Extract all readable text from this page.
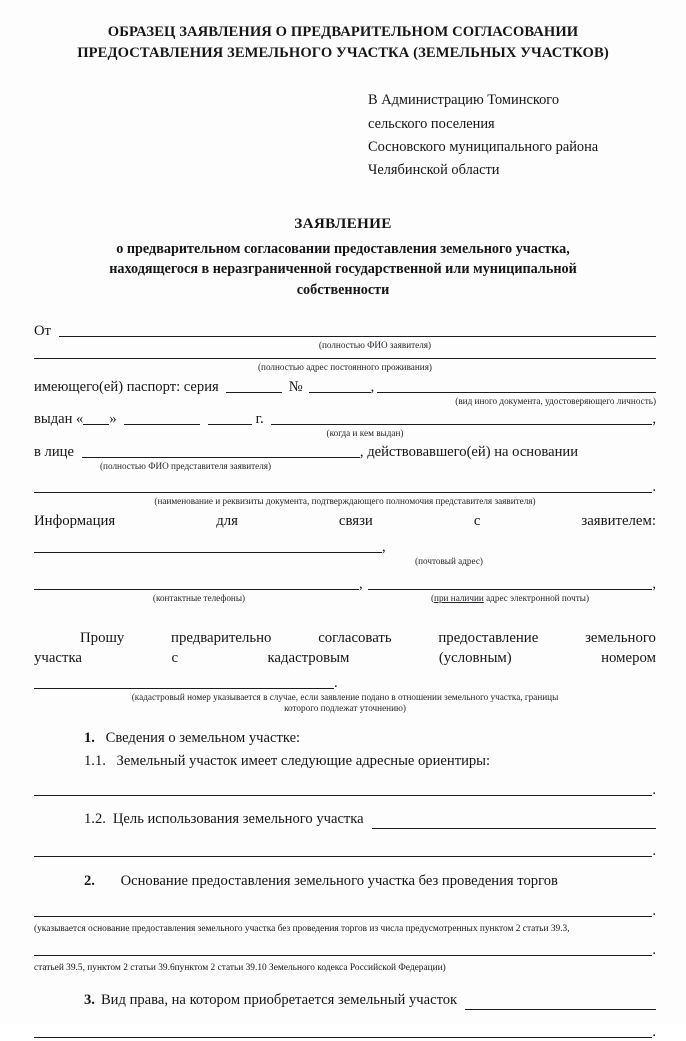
ОБРАЗЕЦ ЗАЯВЛЕНИЯ О ПРЕДВАРИТЕЛЬНОМ СОГЛАСОВАНИИ
ПРЕДОСТАВЛЕНИЯ ЗЕМЕЛЬНОГО УЧАСТКА (ЗЕМЕЛЬНЫХ УЧАСТКОВ)
В Администрацию Томинского
сельского поселения
Сосновского муниципального района
Челябинской области
ЗАЯВЛЕНИЕ
о предварительном согласовании предоставления земельного участка,
находящегося в неразграниченной государственной или муниципальной
собственности
От
(полностью ФИО заявителя)
(полностью адрес постоянного проживания)
имеющего(ей) паспорт: серия	№	,
(вид иного документа, удостоверяющего личность)
выдан « »	г.	,
(когда и кем выдан)
в лице	, действовавшего(ей) на основании
(полностью ФИО представителя заявителя)
.
(наименование и реквизиты документа, подтверждающего полномочия представителя заявителя)
Информация	для	связи	с	заявителем:
,
(почтовый адрес)
,	,
(контактные телефоны)	(при наличии адрес электронной почты)
Прошу	предварительно	согласовать	предоставление	земельного
участка	с	кадастровым	(условным)	номером
.
(кадастровый номер указывается в случае, если заявление подано в отношении земельного участка, границы
которого подлежат уточнению)
1. Сведения о земельном участке:
1.1. Земельный участок имеет следующие адресные ориентиры:
.
1.2. Цель использования земельного участка
.
2. Основание предоставления земельного участка без проведения торгов
.
(указывается основание предоставления земельного участка без проведения торгов из числа предусмотренных пунктом 2 статьи 39.3,
.
статьей 39.5, пунктом 2 статьи 39.6пунктом 2 статьи 39.10 Земельного кодекса Российской Федерации)
3. Вид права, на котором приобретается земельный участок
.
